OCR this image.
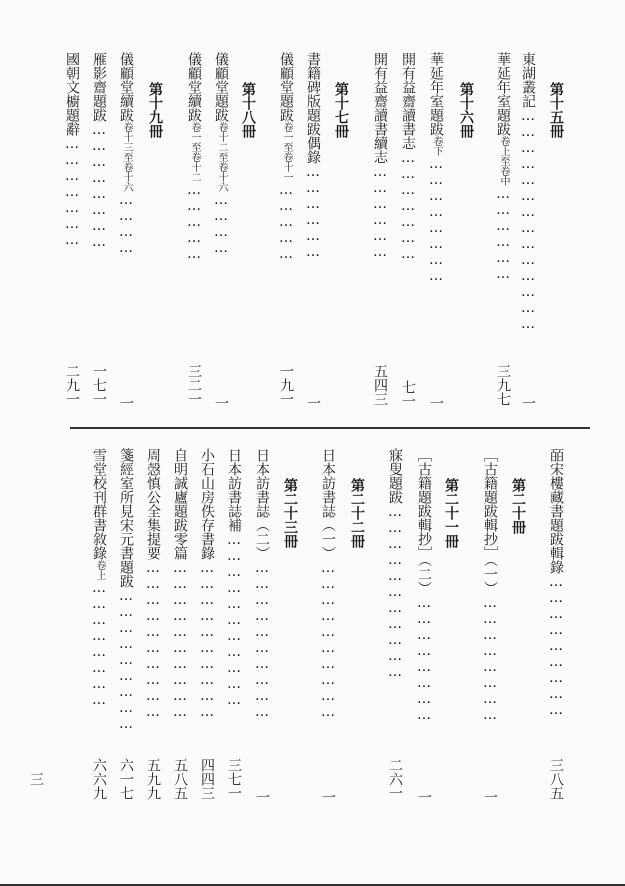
第十五冊
一
東湖叢記……………………………………
三九七
華延年室題跋卷上至卷中………………
第十六冊
一
華延年室題跋卷下……………………
七一
開有益齋讀書志…………………
五四三
開有益齋讀書續志………………
第十七冊
一
書籍碑版題跋偶錄………………
一九一
儀顧堂題跋卷一至卷十一……………
第十八冊
一
儀顧堂題跋卷十二至卷十六…………
三二一
儀顧堂續跋卷一至卷十二……………
第十九冊
一
儀顧堂續跋卷十三至卷十六…………
一七一
雁影齋題跋……………………
二九一
國朝文櫥題辭…………………
三八五
皕宋樓藏書題跋輯錄………………………
第二十冊
一
［古籍題跋輯抄］（一）……………………
第二十一冊
一
［古籍題跋輯抄］（二）……………………
二六一
寐叟題跋……………………………
第二十二冊
一
日本訪書誌（一）…………………………
第二十三冊
一
日本訪書誌（二）…………………………
三七一
日本訪書誌補……………………………
四四三
小石山房佚存書錄…………………………
五八五
自明誠廬題跋零篇…………………………
五九九
周愨慎公全集提要…………………………
六一七
箋經室所見宋元書題跋………………………
六六九
雪堂校刊群書敘錄卷上……………………
三
